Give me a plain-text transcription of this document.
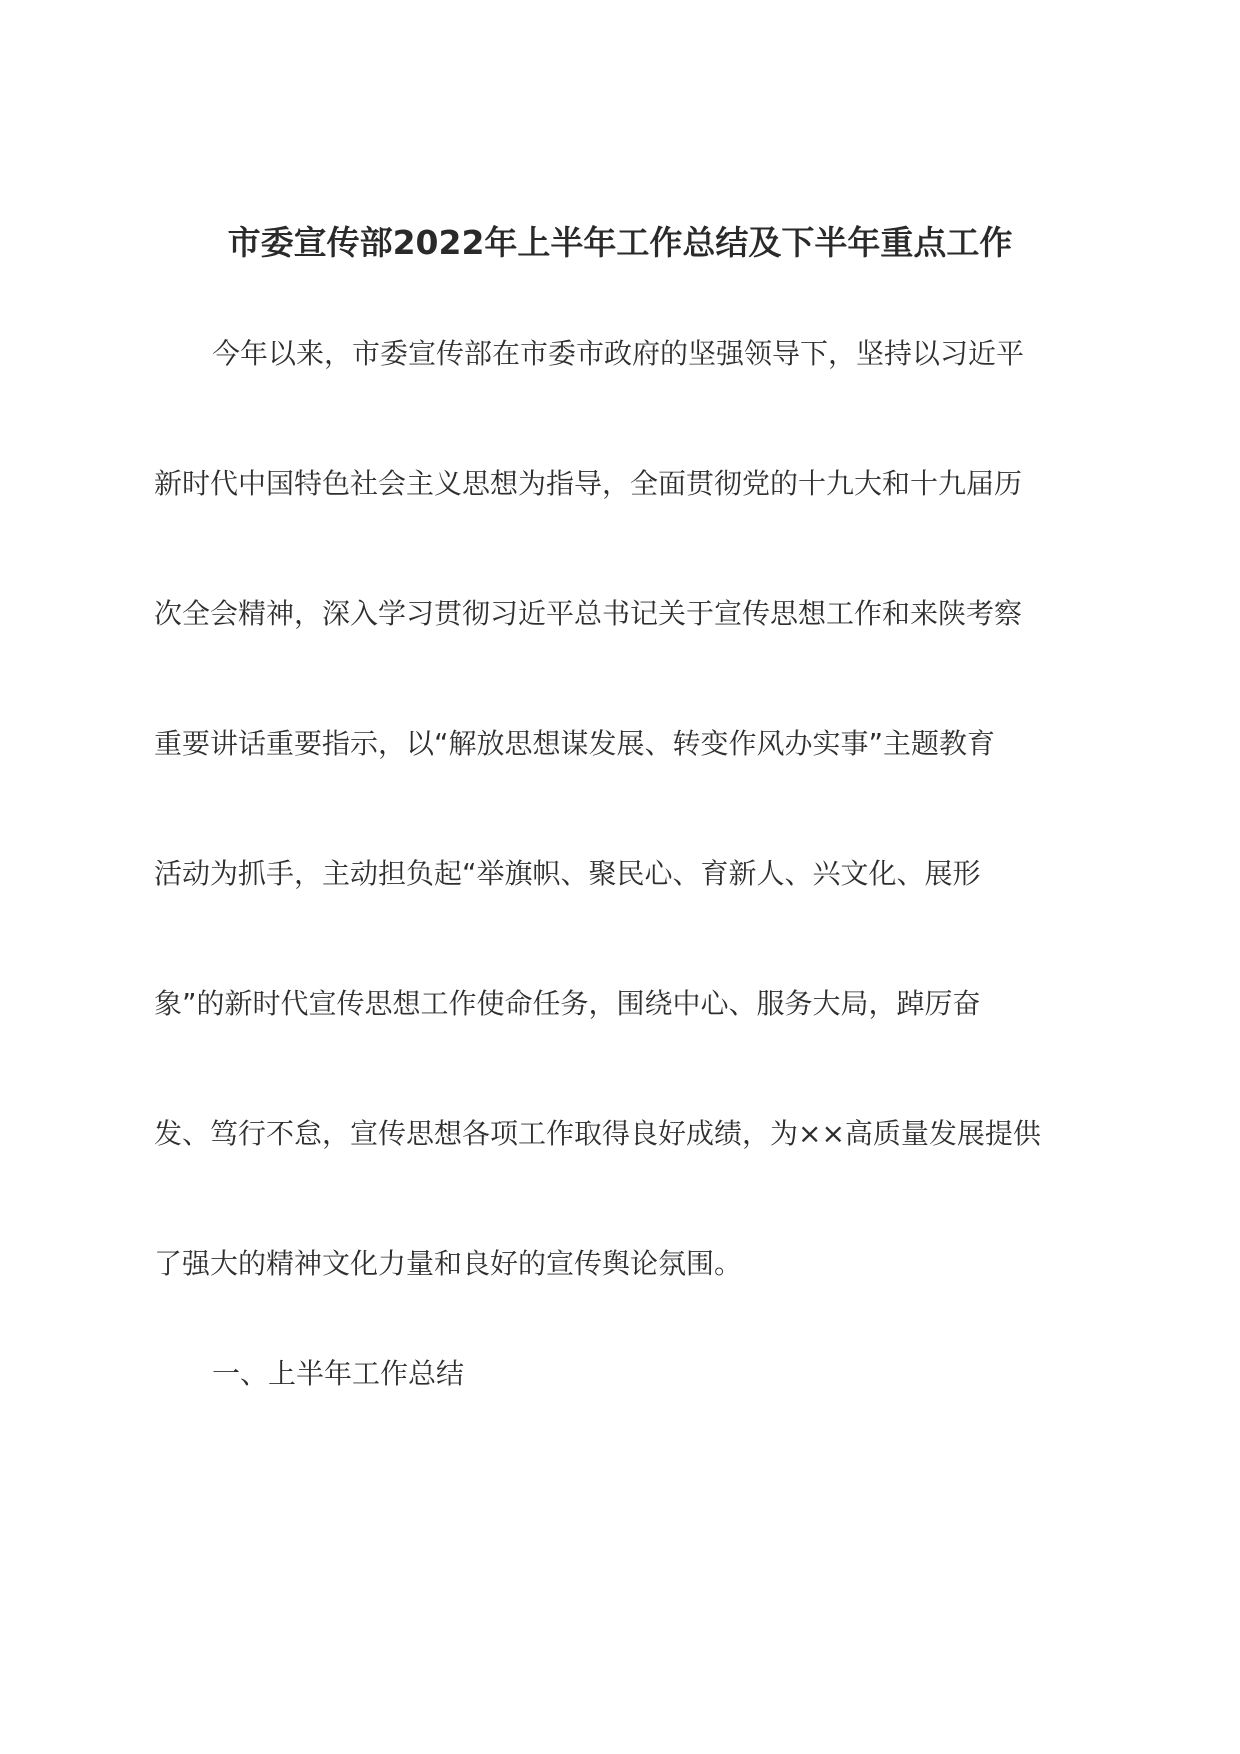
市委宣传部2022年上半年工作总结及下半年重点工作
今年以来，市委宣传部在市委市政府的坚强领导下，坚持以习近平
新时代中国特色社会主义思想为指导，全面贯彻党的十九大和十九届历
次全会精神，深入学习贯彻习近平总书记关于宣传思想工作和来陕考察
重要讲话重要指示，以“解放思想谋发展、转变作风办实事”主题教育
活动为抓手，主动担负起“举旗帜、聚民心、育新人、兴文化、展形
象”的新时代宣传思想工作使命任务，围绕中心、服务大局，踔厉奋
发、笃行不怠，宣传思想各项工作取得良好成绩，为××高质量发展提供
了强大的精神文化力量和良好的宣传舆论氛围。
一、上半年工作总结
